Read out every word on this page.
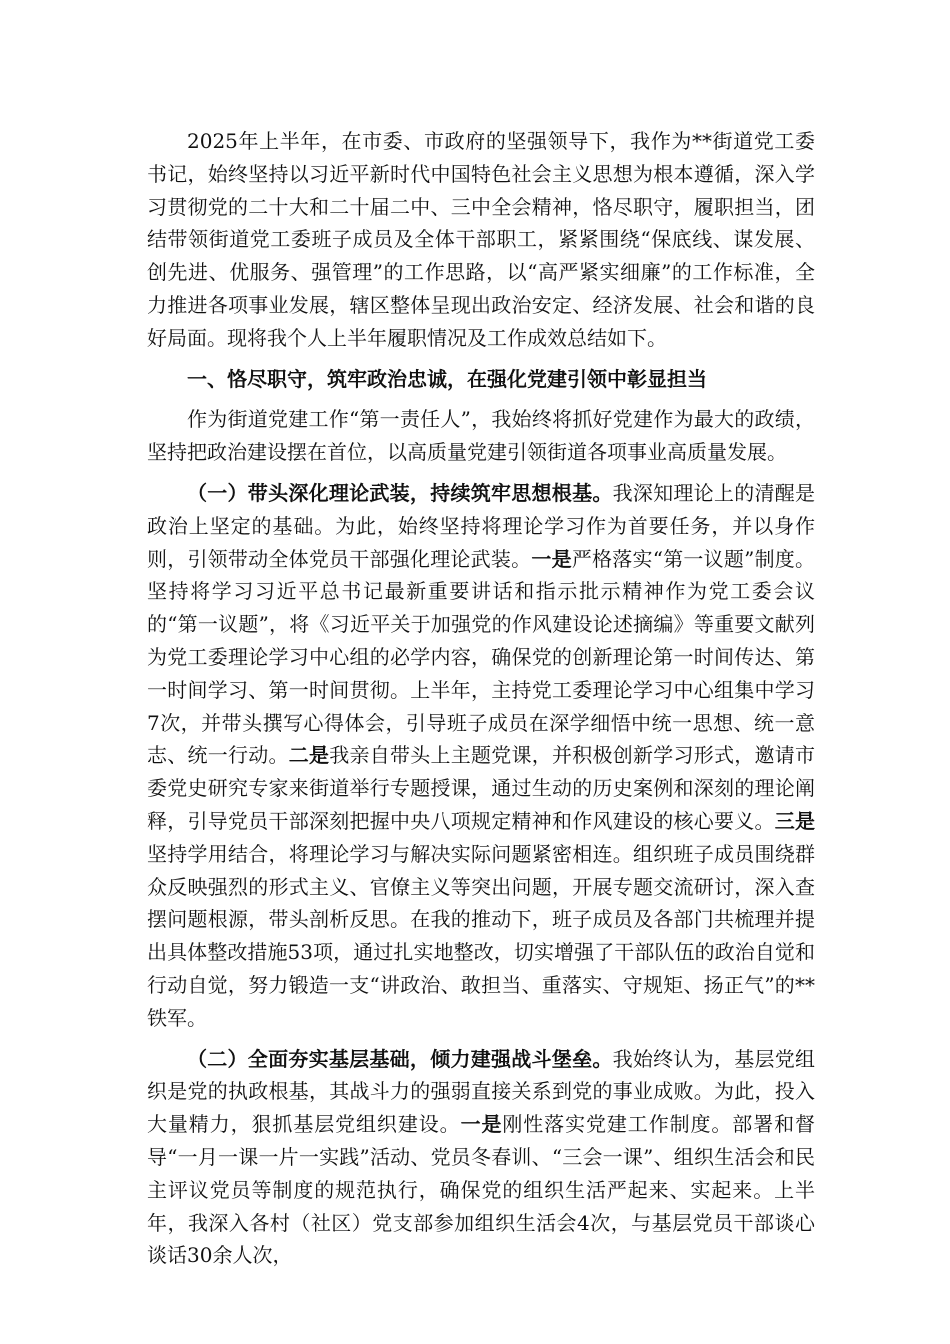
2025年上半年，在市委、市政府的坚强领导下，我作为**街道党工委书记，始终坚持以习近平新时代中国特色社会主义思想为根本遵循，深入学习贯彻党的二十大和二十届二中、三中全会精神，恪尽职守，履职担当，团结带领街道党工委班子成员及全体干部职工，紧紧围绕“保底线、谋发展、创先进、优服务、强管理”的工作思路，以“高严紧实细廉”的工作标准，全力推进各项事业发展，辖区整体呈现出政治安定、经济发展、社会和谐的良好局面。现将我个人上半年履职情况及工作成效总结如下。

一、恪尽职守，筑牢政治忠诚，在强化党建引领中彰显担当

作为街道党建工作“第一责任人”，我始终将抓好党建作为最大的政绩，坚持把政治建设摆在首位，以高质量党建引领街道各项事业高质量发展。

（一）带头深化理论武装，持续筑牢思想根基。我深知理论上的清醒是政治上坚定的基础。为此，始终坚持将理论学习作为首要任务，并以身作则，引领带动全体党员干部强化理论武装。一是严格落实“第一议题”制度。坚持将学习习近平总书记最新重要讲话和指示批示精神作为党工委会议的“第一议题”，将《习近平关于加强党的作风建设论述摘编》等重要文献列为党工委理论学习中心组的必学内容，确保党的创新理论第一时间传达、第一时间学习、第一时间贯彻。上半年，主持党工委理论学习中心组集中学习7次，并带头撰写心得体会，引导班子成员在深学细悟中统一思想、统一意志、统一行动。二是我亲自带头上主题党课，并积极创新学习形式，邀请市委党史研究专家来街道举行专题授课，通过生动的历史案例和深刻的理论阐释，引导党员干部深刻把握中央八项规定精神和作风建设的核心要义。三是坚持学用结合，将理论学习与解决实际问题紧密相连。组织班子成员围绕群众反映强烈的形式主义、官僚主义等突出问题，开展专题交流研讨，深入查摆问题根源，带头剖析反思。在我的推动下，班子成员及各部门共梳理并提出具体整改措施53项，通过扎实地整改，切实增强了干部队伍的政治自觉和行动自觉，努力锻造一支“讲政治、敢担当、重落实、守规矩、扬正气”的**铁军。

（二）全面夯实基层基础，倾力建强战斗堡垒。我始终认为，基层党组织是党的执政根基，其战斗力的强弱直接关系到党的事业成败。为此，投入大量精力，狠抓基层党组织建设。一是刚性落实党建工作制度。部署和督导“一月一课一片一实践”活动、党员冬春训、“三会一课”、组织生活会和民主评议党员等制度的规范执行，确保党的组织生活严起来、实起来。上半年，我深入各村（社区）党支部参加组织生活会4次，与基层党员干部谈心谈话30余人次，
